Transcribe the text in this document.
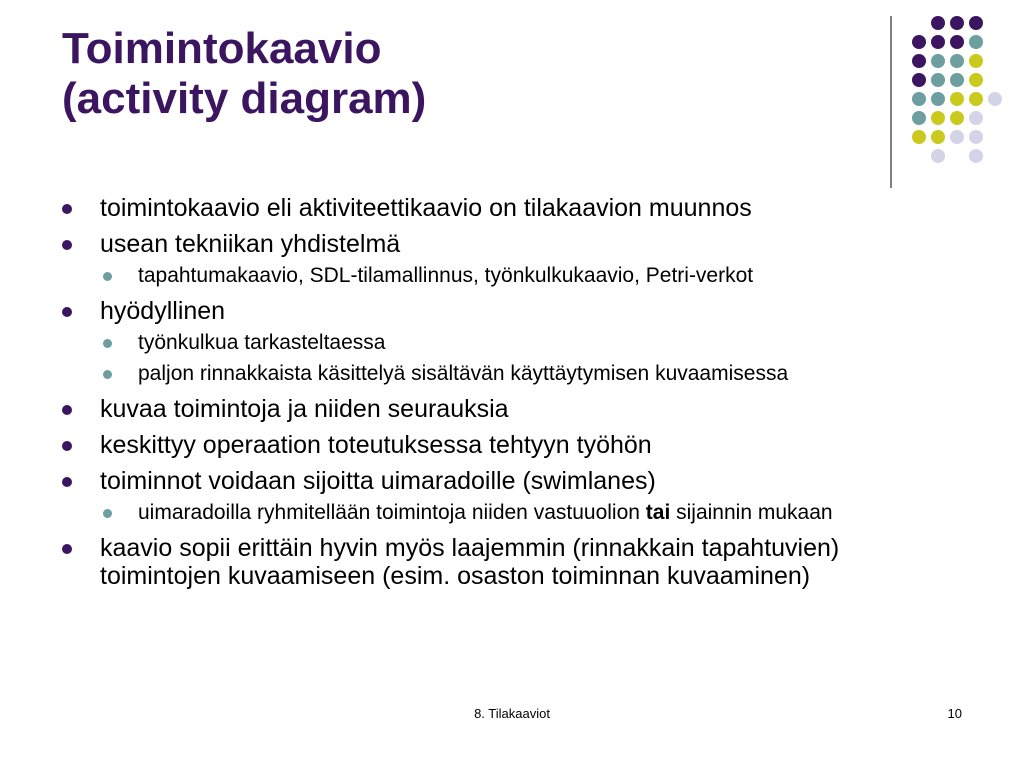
Toimintokaavio
(activity diagram)
toimintokaavio eli aktiviteettikaavio on tilakaavion muunnos
usean tekniikan yhdistelmä
tapahtumakaavio, SDL-tilamallinnus, työnkulkukaavio, Petri-verkot
hyödyllinen
työnkulkua tarkasteltaessa
paljon rinnakkaista käsittelyä sisältävän käyttäytymisen kuvaamisessa
kuvaa toimintoja ja niiden seurauksia
keskittyy operaation toteutuksessa tehtyyn työhön
toiminnot voidaan sijoitta uimaradoille (swimlanes)
uimaradoilla ryhmitellään toimintoja niiden vastuuolion tai sijainnin mukaan
kaavio sopii erittäin hyvin myös laajemmin (rinnakkain tapahtuvien) toimintojen kuvaamiseen (esim. osaston toiminnan kuvaaminen)
8. Tilakaaviot	10
